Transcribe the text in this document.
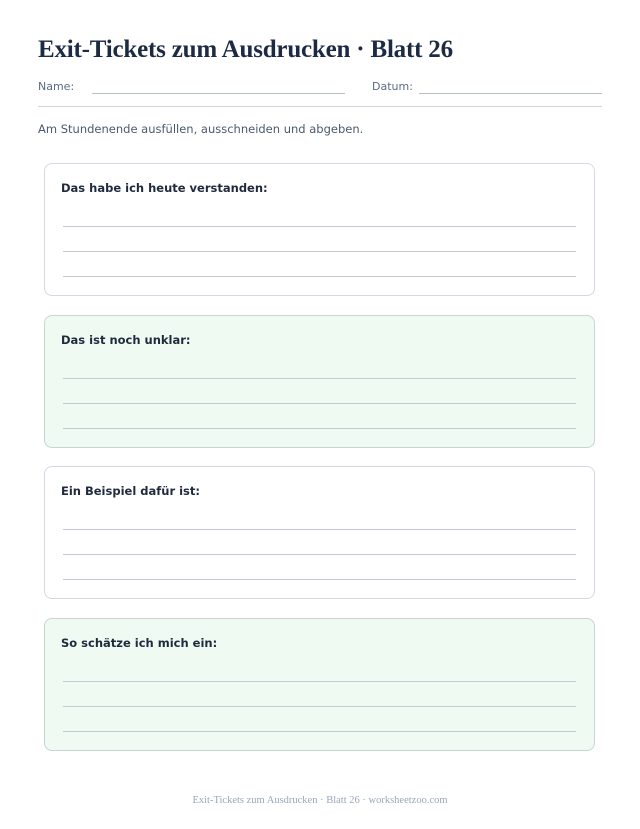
Exit-Tickets zum Ausdrucken · Blatt 26
Name:	Datum:
Am Stundenende ausfüllen, ausschneiden und abgeben.
Das habe ich heute verstanden:
Das ist noch unklar:
Ein Beispiel dafür ist:
So schätze ich mich ein:
Exit-Tickets zum Ausdrucken · Blatt 26 · worksheetzoo.com
